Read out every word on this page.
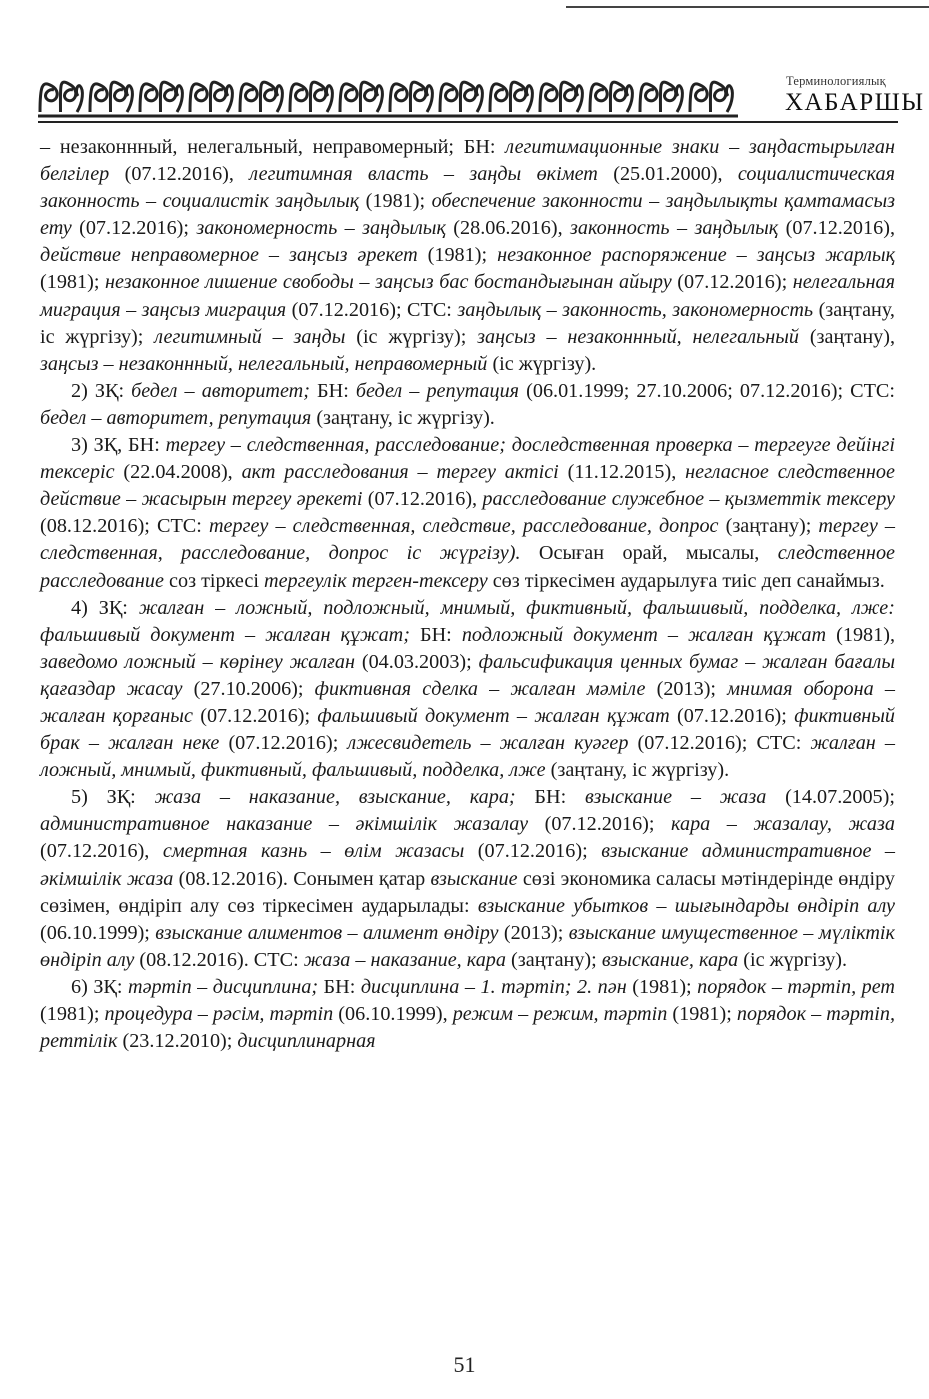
Терминологиялық
ХАБАРШЫ

– незаконнный, нелегальный, неправомерный; БН: легитимационные знаки – заңдастырылған белгілер (07.12.2016), легитимная власть – заңды өкімет (25.01.2000), социалистическая законность – социалистік заңдылық (1981); обеспечение законности – заңдылықты қамтамасыз ету (07.12.2016); закономерность – заңдылық (28.06.2016), законность – заңдылық (07.12.2016), действие неправомерное – заңсыз әрекет (1981); незаконное распоряжение – заңсыз жарлық (1981); незаконное лишение свободы – заңсыз бас бостандығынан айыру (07.12.2016); нелегальная миграция – заңсыз миграция (07.12.2016); СТС: заңдылық – законность, закономерность (заңтану, іс жүргізу); легитимный – заңды (іс жүргізу); заңсыз – незаконнный, нелегальный (заңтану), заңсыз – незаконнный, нелегальный, неправомерный (іс жүргізу).

2) ЗҚ: бедел – авторитет; БН: бедел – репутация (06.01.1999; 27.10.2006; 07.12.2016); СТС: бедел – авторитет, репутация (заңтану, іс жүргізу).

3) ЗҚ, БН: тергеу – следственная, расследование; доследственная проверка – тергеуге дейінгі тексеріс (22.04.2008), акт расследования – тергеу актісі (11.12.2015), негласное следственное действие – жасырын тергеу әрекеті (07.12.2016), расследование служебное – қызметтік тексеру (08.12.2016); СТС: тергеу – следственная, следствие, расследование, допрос (заңтану); тергеу – следственная, расследование, допрос іс жүргізу). Осыған орай, мысалы, следственное расследование соз тіркесі тергеулік терген-тексеру сөз тіркесімен аударылуға тиіс деп санаймыз.

4) ЗҚ: жалған – ложный, подложный, мнимый, фиктивный, фальшивый, подделка, лже: фальшивый документ – жалған құжат; БН: подложный документ – жалған құжат (1981), заведомо ложный – көрінеу жалған (04.03.2003); фальсификация ценных бумаг – жалған бағалы қағаздар жасау (27.10.2006); фиктивная сделка – жалған мәміле (2013); мнимая оборона – жалған қорғаныс (07.12.2016); фальшивый документ – жалған құжат (07.12.2016); фиктивный брак – жалған неке (07.12.2016); лжесвидетель – жалған куәгер (07.12.2016); СТС: жалған – ложный, мнимый, фиктивный, фальшивый, подделка, лже (заңтану, іс жүргізу).

5) ЗҚ: жаза – наказание, взыскание, кара; БН: взыскание – жаза (14.07.2005); административное наказание – әкімшілік жазалау (07.12.2016); кара – жазалау, жаза (07.12.2016), смертная казнь – өлім жазасы (07.12.2016); взыскание административное – әкімшілік жаза (08.12.2016). Сонымен қатар взыскание сөзі экономика саласы мәтіндерінде өндіру сөзімен, өндіріп алу сөз тіркесімен аударылады: взыскание убытков – шығындарды өндіріп алу (06.10.1999); взыскание алиментов – алимент өндіру (2013); взыскание имущественное – мүліктік өндіріп алу (08.12.2016). СТС: жаза – наказание, кара (заңтану); взыскание, кара (іс жүргізу).

6) ЗҚ: тәртіп – дисциплина; БН: дисциплина – 1. тәртіп; 2. пән (1981); порядок – тәртіп, рет (1981); процедура – рәсім, тәртіп (06.10.1999), режим – режим, тәртіп (1981); порядок – тәртіп, реттілік (23.12.2010); дисциплинарная

51
